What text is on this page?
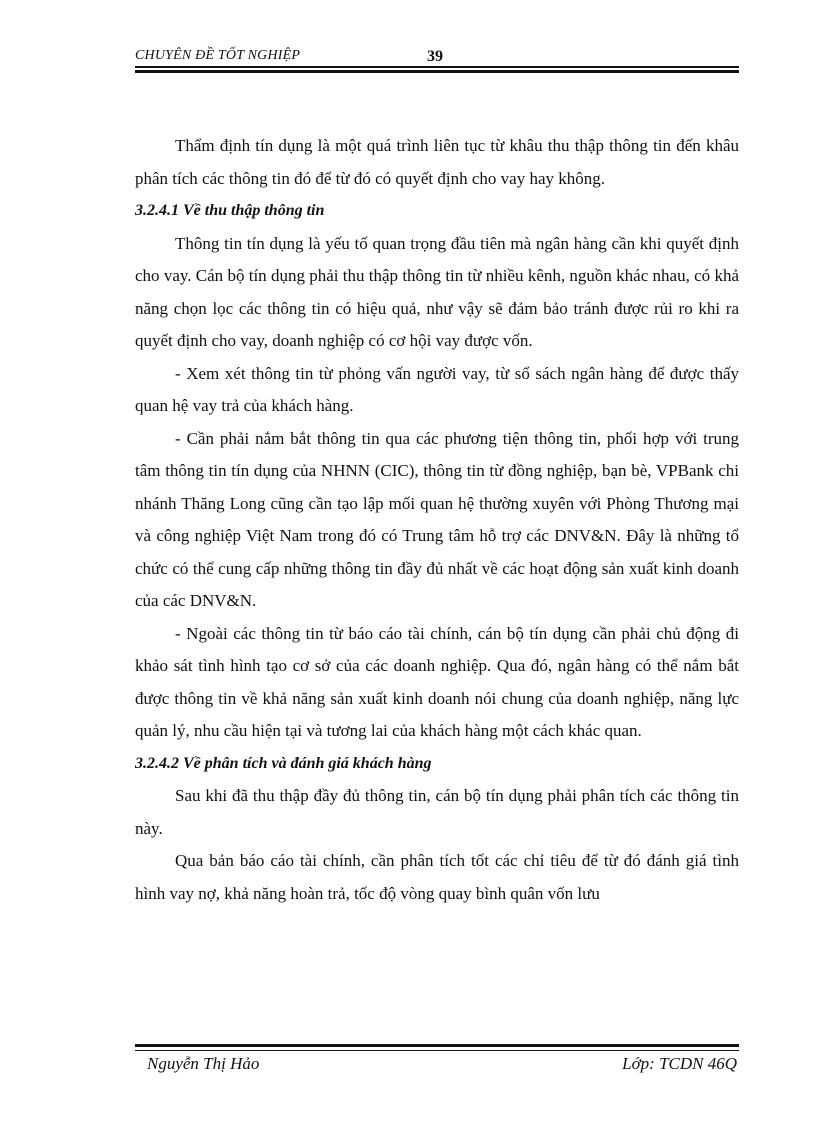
CHUYÊN ĐỀ TỐT NGHIỆP	39

Thẩm định tín dụng là một quá trình liên tục từ khâu thu thập thông tin đến khâu phân tích các thông tin đó để từ đó có quyết định cho vay hay không.

3.2.4.1 Về thu thập thông tin

Thông tin tín dụng là yếu tố quan trọng đầu tiên mà ngân hàng cần khi quyết định cho vay. Cán bộ tín dụng phải thu thập thông tin từ nhiều kênh, nguồn khác nhau, có khả năng chọn lọc các thông tin có hiệu quả, như vậy sẽ đảm bảo tránh được rủi ro khi ra quyết định cho vay, doanh nghiệp có cơ hội vay được vốn.

- Xem xét thông tin từ phỏng vấn người vay, từ sổ sách ngân hàng để được thấy quan hệ vay trả của khách hàng.

- Cần phải nắm bắt thông tin qua các phương tiện thông tin, phối hợp với trung tâm thông tin tín dụng của NHNN (CIC), thông tin từ đồng nghiệp, bạn bè, VPBank chi nhánh Thăng Long cũng cần tạo lập mối quan hệ thường xuyên với Phòng Thương mại và công nghiệp Việt Nam trong đó có Trung tâm hỗ trợ các DNV&N. Đây là những tổ chức có thể cung cấp những thông tin đầy đủ nhất về các hoạt động sản xuất kinh doanh của các DNV&N.

- Ngoài các thông tin từ báo cáo tài chính, cán bộ tín dụng cần phải chủ động đi khảo sát tình hình tạo cơ sở của các doanh nghiệp. Qua đó, ngân hàng có thể nắm bắt được thông tin về khả năng sản xuất kinh doanh nói chung của doanh nghiệp, năng lực quản lý, nhu cầu hiện tại và tương lai của khách hàng một cách khác quan.

3.2.4.2 Về phân tích và đánh giá khách hàng

Sau khi đã thu thập đầy đủ thông tin, cán bộ tín dụng phải phân tích các thông tin này.

Qua bản báo cáo tài chính, cần phân tích tốt các chỉ tiêu để từ đó đánh giá tình hình vay nợ, khả năng hoàn trả, tốc độ vòng quay bình quân vốn lưu

Nguyễn Thị Hảo	Lớp: TCDN 46Q
